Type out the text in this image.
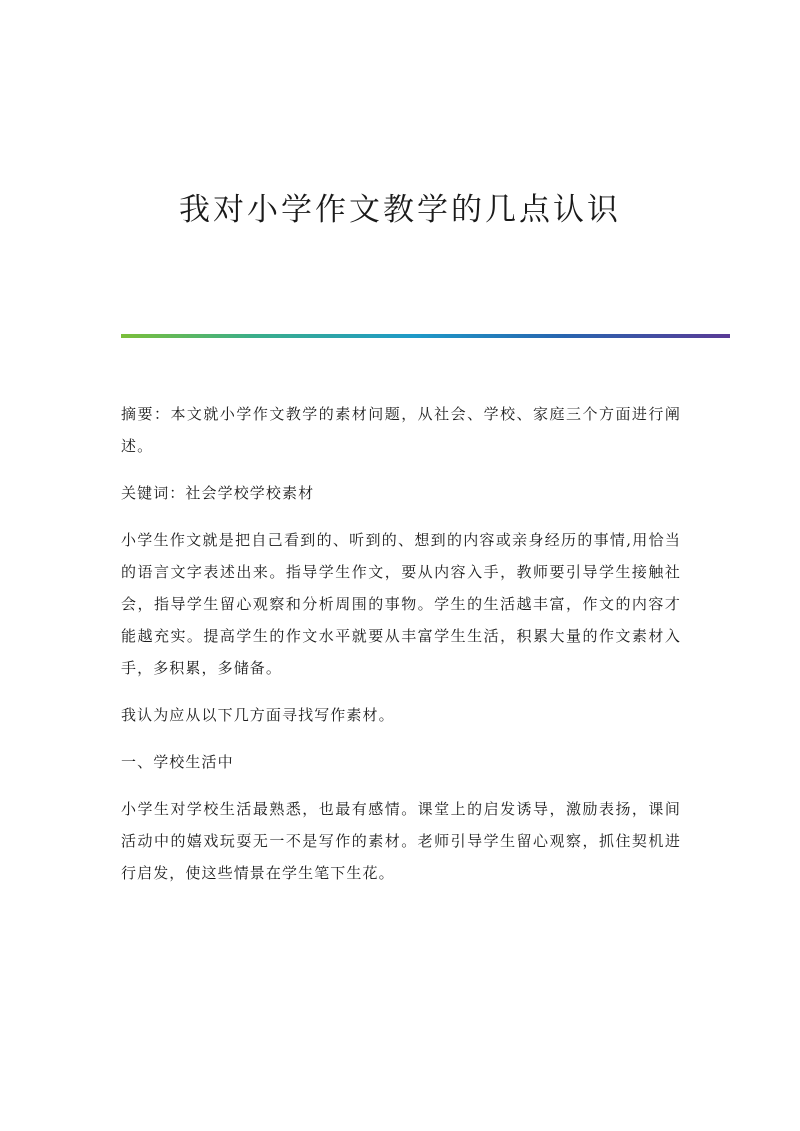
我对小学作文教学的几点认识

摘要：本文就小学作文教学的素材问题，从社会、学校、家庭三个方面进行阐述。

关键词：社会学校学校素材

小学生作文就是把自己看到的、听到的、想到的内容或亲身经历的事情,用恰当的语言文字表述出来。指导学生作文，要从内容入手，教师要引导学生接触社会，指导学生留心观察和分析周围的事物。学生的生活越丰富，作文的内容才能越充实。提高学生的作文水平就要从丰富学生生活，积累大量的作文素材入手，多积累，多储备。

我认为应从以下几方面寻找写作素材。

一、学校生活中

小学生对学校生活最熟悉，也最有感情。课堂上的启发诱导，激励表扬，课间活动中的嬉戏玩耍无一不是写作的素材。老师引导学生留心观察，抓住契机进行启发，使这些情景在学生笔下生花。
